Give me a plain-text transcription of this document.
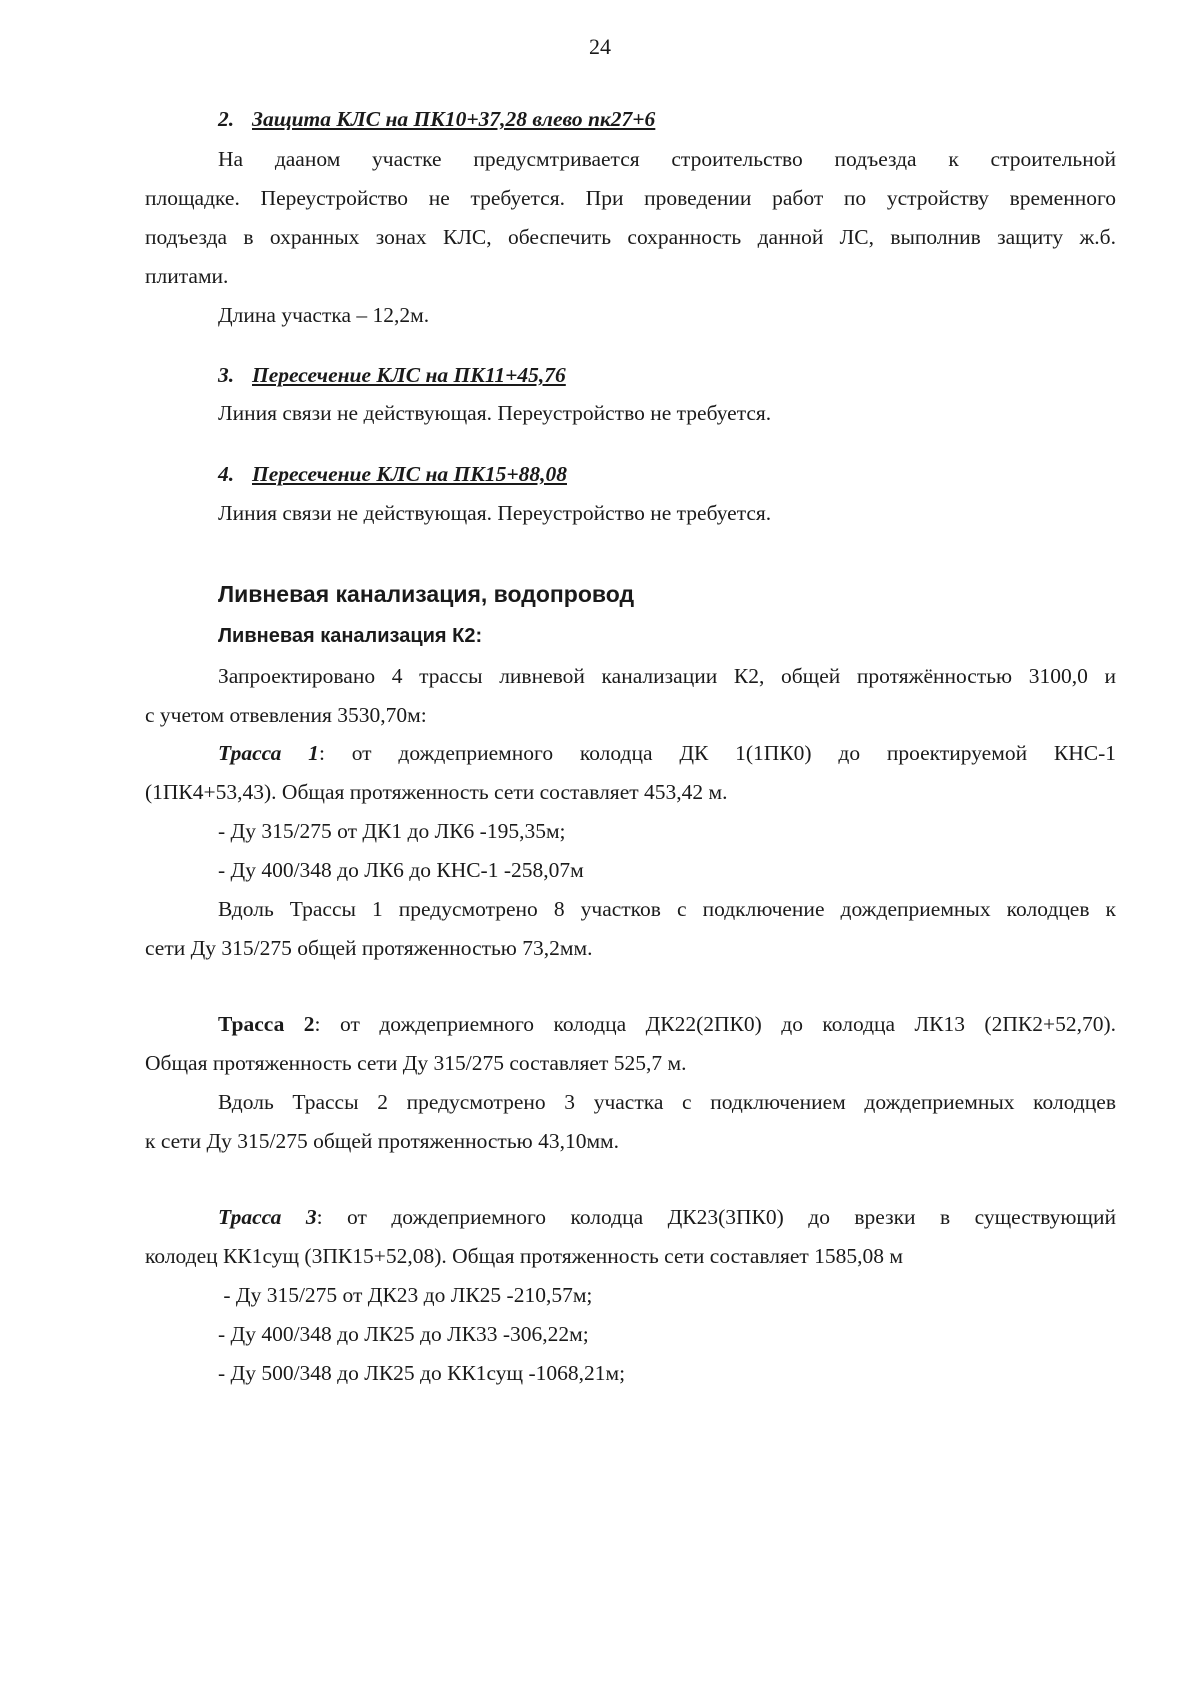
24
2. Защита КЛС на ПК10+37,28 влево пк27+6
На дааном участке предусмтривается строительство подъезда к строительной
площадке. Переустройство не требуется. При проведении работ по устройству временного
подъезда в охранных зонах КЛС, обеспечить сохранность данной ЛС, выполнив защиту ж.б.
плитами.
Длина участка – 12,2м.
3. Пересечение КЛС на ПК11+45,76
Линия связи не действующая. Переустройство не требуется.
4. Пересечение КЛС на ПК15+88,08
Линия связи не действующая. Переустройство не требуется.
Ливневая канализация, водопровод
Ливневая канализация К2:
Запроектировано 4 трассы ливневой канализации К2, общей протяжённостью 3100,0 и
с учетом отвевления 3530,70м:
Трасса 1: от дождеприемного колодца ДК 1(1ПК0) до проектируемой КНС-1
(1ПК4+53,43). Общая протяженность сети составляет 453,42 м.
- Ду 315/275 от ДК1 до ЛК6 -195,35м;
- Ду 400/348 до ЛК6 до КНС-1 -258,07м
Вдоль Трассы 1 предусмотрено 8 участков с подключение дождеприемных колодцев к
сети Ду 315/275 общей протяженностью 73,2мм.
Трасса 2: от дождеприемного колодца ДК22(2ПК0) до колодца ЛК13 (2ПК2+52,70).
Общая протяженность сети Ду 315/275 составляет 525,7 м.
Вдоль Трассы 2 предусмотрено 3 участка с подключением дождеприемных колодцев
к сети Ду 315/275 общей протяженностью 43,10мм.
Трасса 3: от дождеприемного колодца ДК23(3ПК0) до врезки в существующий
колодец КК1сущ (3ПК15+52,08). Общая протяженность сети составляет 1585,08 м
- Ду 315/275 от ДК23 до ЛК25 -210,57м;
- Ду 400/348 до ЛК25 до ЛК33 -306,22м;
- Ду 500/348 до ЛК25 до КК1сущ -1068,21м;
